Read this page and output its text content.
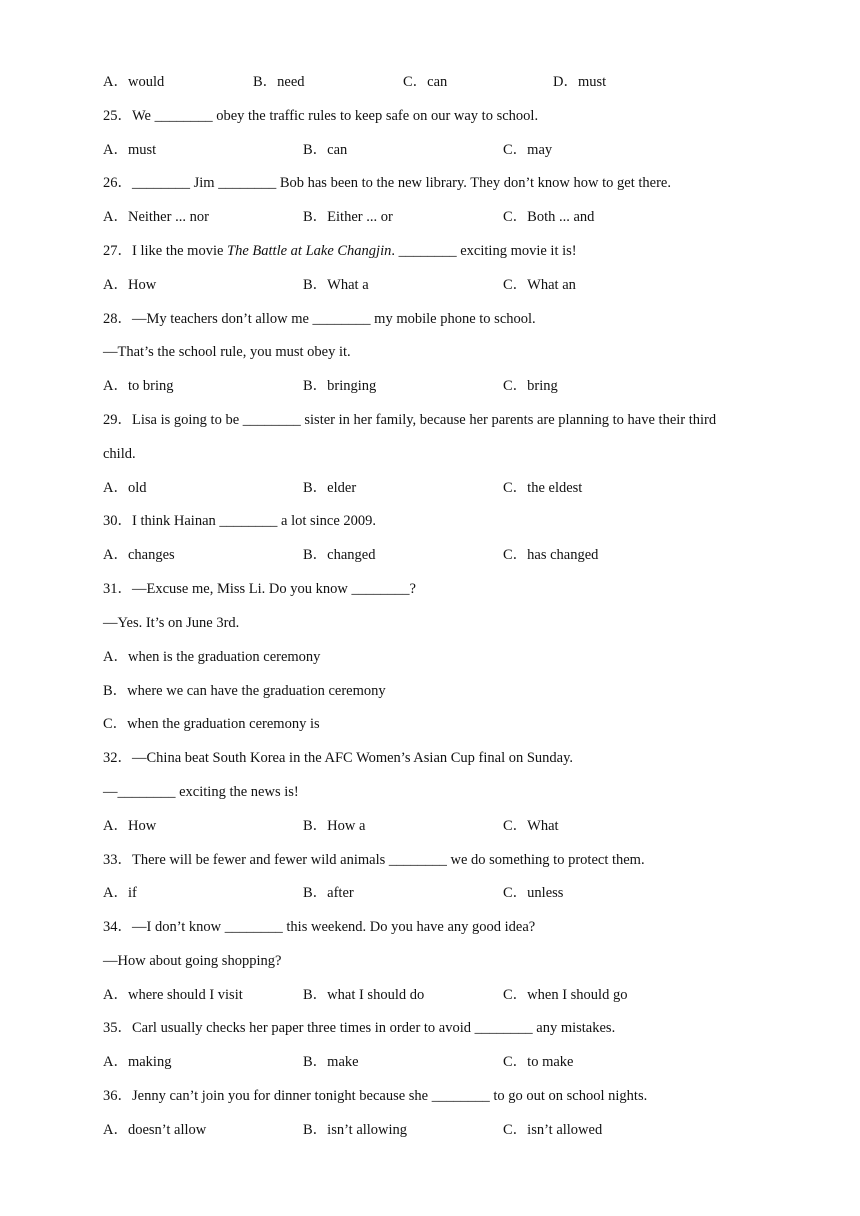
A．would	B．need	C．can	D．must
25．We ________ obey the traffic rules to keep safe on our way to school.
A．must	B．can	C．may
26．________ Jim ________ Bob has been to the new library. They don’t know how to get there.
A．Neither ... nor	B．Either ... or	C．Both ... and
27．I like the movie The Battle at Lake Changjin. ________ exciting movie it is!
A．How	B．What a	C．What an
28．—My teachers don’t allow me ________ my mobile phone to school.
—That’s the school rule, you must obey it.
A．to bring	B．bringing	C．bring
29．Lisa is going to be ________ sister in her family, because her parents are planning to have their third
child.
A．old	B．elder	C．the eldest
30．I think Hainan ________ a lot since 2009.
A．changes	B．changed	C．has changed
31．—Excuse me, Miss Li. Do you know ________?
—Yes. It’s on June 3rd.
A．when is the graduation ceremony
B．where we can have the graduation ceremony
C．when the graduation ceremony is
32．—China beat South Korea in the AFC Women’s Asian Cup final on Sunday.
—________ exciting the news is!
A．How	B．How a	C．What
33．There will be fewer and fewer wild animals ________ we do something to protect them.
A．if	B．after	C．unless
34．—I don’t know ________ this weekend. Do you have any good idea?
—How about going shopping?
A．where should I visit	B．what I should do	C．when I should go
35．Carl usually checks her paper three times in order to avoid ________ any mistakes.
A．making	B．make	C．to make
36．Jenny can’t join you for dinner tonight because she ________ to go out on school nights.
A．doesn’t allow	B．isn’t allowing	C．isn’t allowed
